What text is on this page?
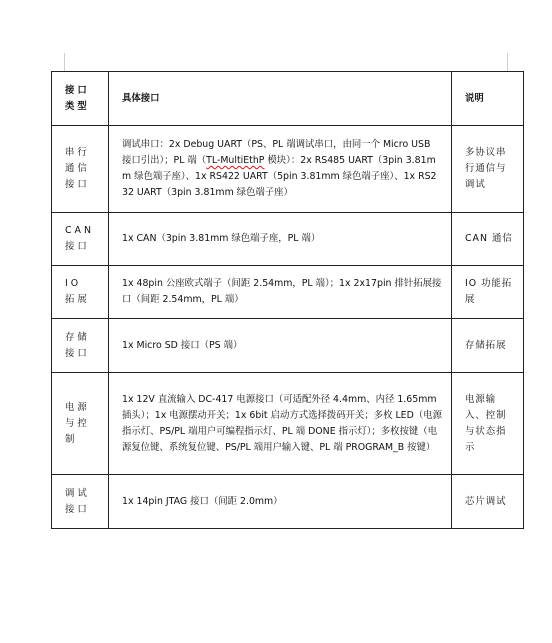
接口类型	具体接口	说明
串行通信接口	调试串口：2x Debug UART（PS、PL 端调试串口，由同一个 Micro USB 接口引出）；PL 端（TL-MultiEthP 模块）：2x RS485 UART（3pin 3.81mm 绿色端子座）、1x RS422 UART（5pin 3.81mm 绿色端子座）、1x RS232 UART（3pin 3.81mm 绿色端子座）	多协议串行通信与调试
CAN接口	1x CAN（3pin 3.81mm 绿色端子座，PL 端）	CAN 通信
IO 拓展	1x 48pin 公座欧式端子（间距 2.54mm，PL 端）；1x 2x17pin 排针拓展接口（间距 2.54mm，PL 端）	IO 功能拓展
存储接口	1x Micro SD 接口（PS 端）	存储拓展
电源与控制	1x 12V 直流输入 DC-417 电源接口（可适配外径 4.4mm、内径 1.65mm 插头）；1x 电源摆动开关；1x 6bit 启动方式选择拨码开关；多枚 LED（电源指示灯、PS/PL 端用户可编程指示灯、PL 端 DONE 指示灯）；多枚按键（电源复位键、系统复位键、PS/PL 端用户输入键、PL 端 PROGRAM_B 按键）	电源输入、控制与状态指示
调试接口	1x 14pin JTAG 接口（间距 2.0mm）	芯片调试
